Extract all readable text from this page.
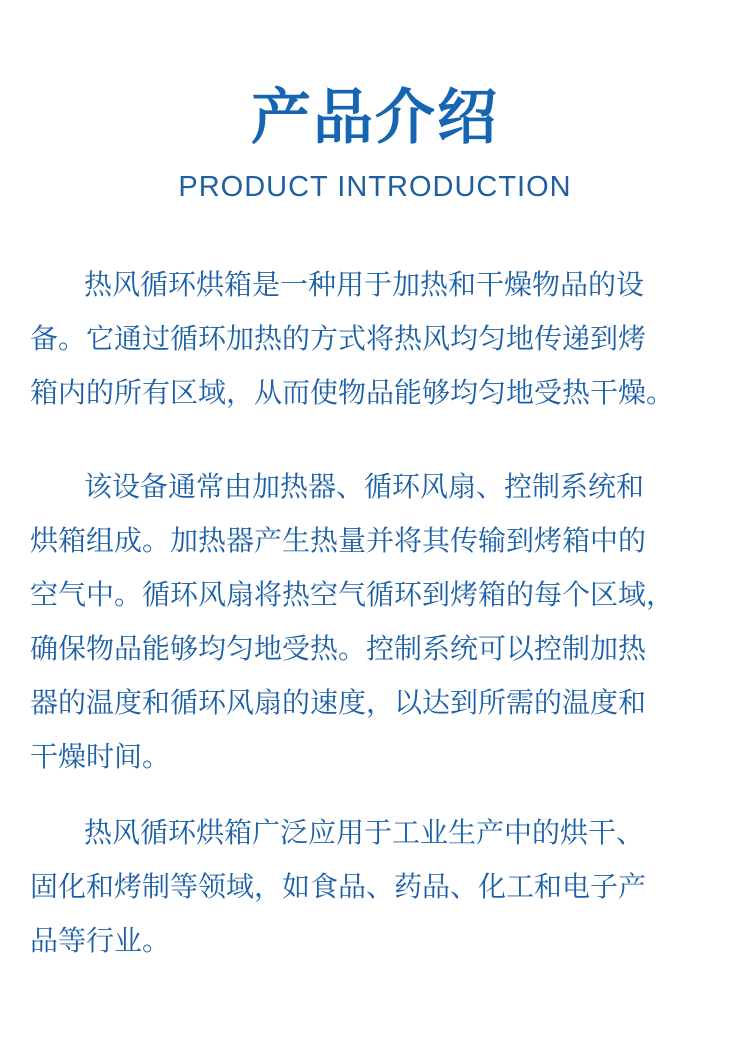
产品介绍
PRODUCT INTRODUCTION
热风循环烘箱是一种用于加热和干燥物品的设
备。它通过循环加热的方式将热风均匀地传递到烤
箱内的所有区域，从而使物品能够均匀地受热干燥。
该设备通常由加热器、循环风扇、控制系统和
烘箱组成。加热器产生热量并将其传输到烤箱中的
空气中。循环风扇将热空气循环到烤箱的每个区域，
确保物品能够均匀地受热。控制系统可以控制加热
器的温度和循环风扇的速度，以达到所需的温度和
干燥时间。
热风循环烘箱广泛应用于工业生产中的烘干、
固化和烤制等领域，如食品、药品、化工和电子产
品等行业。
